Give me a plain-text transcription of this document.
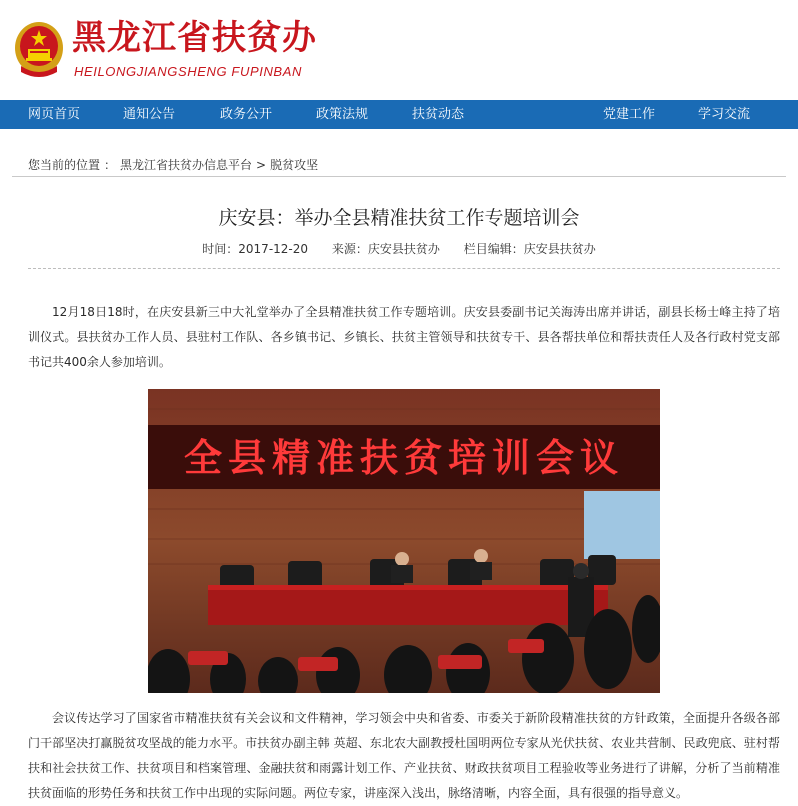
黑龙江省扶贫办
HEILONGJIANGSHENG FUPINBAN
网页首页	通知公告	政务公开	政策法规	扶贫动态	党建工作	学习交流
您当前的位置 ： 黑龙江省扶贫办信息平台 > 脱贫攻坚
庆安县：举办全县精准扶贫工作专题培训会
时间：2017-12-20 来源：庆安县扶贫办 栏目编辑：庆安县扶贫办
12月18日18时，在庆安县新三中大礼堂举办了全县精准扶贫工作专题培训。庆安县委副书记关海涛出席并讲话，副县长杨士峰主持了培训仪式。县扶贫办工作人员、县驻村工作队、各乡镇书记、乡镇长、扶贫主管领导和扶贫专干、县各帮扶单位和帮扶责任人及各行政村党支部书记共400余人参加培训。
全县精准扶贫培训会议
会议传达学习了国家省市精准扶贫有关会议和文件精神，学习领会中央和省委、市委关于新阶段精准扶贫的方针政策，全面提升各级各部门干部坚决打赢脱贫攻坚战的能力水平。市扶贫办副主韩 英超、东北农大副教授杜国明两位专家从光伏扶贫、农业共营制、民政兜底、驻村帮扶和社会扶贫工作、扶贫项目和档案管理、金融扶贫和雨露计划工作、产业扶贫、财政扶贫项目工程验收等业务进行了讲解，分析了当前精准扶贫面临的形势任务和扶贫工作中出现的实际问题。两位专家，讲座深入浅出，脉络清晰，内容全面，具有很强的指导意义。
